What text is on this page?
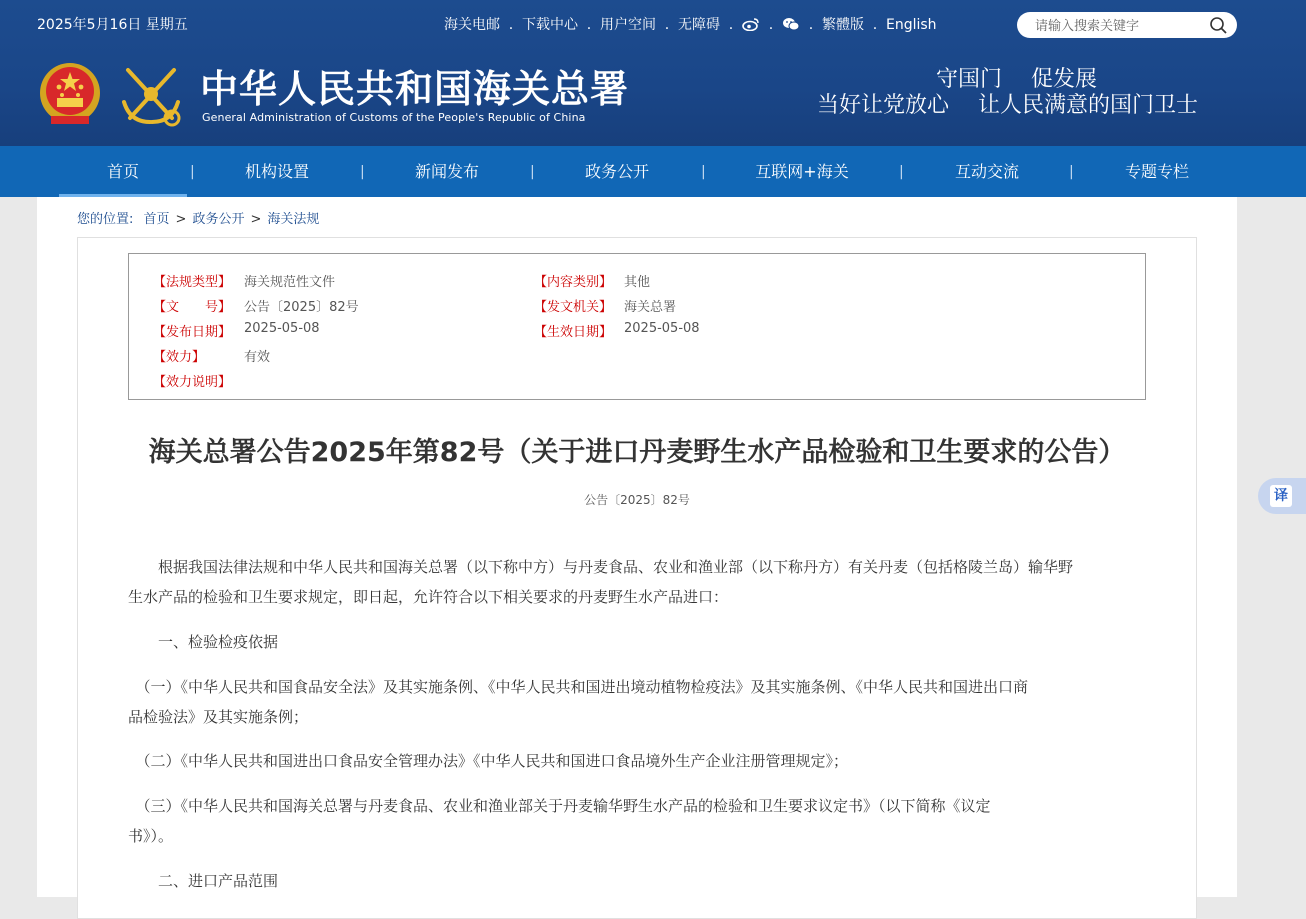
2025年5月16日 星期五	海关电邮 . 下载中心 . 用户空间 . 无障碍 .	.	. 繁體版 . English
请输入搜索关键字
中华人民共和国海关总署
General Administration of Customs of the People's Republic of China
守国门　 促发展
当好让党放心　 让人民满意的国门卫士
首页	|	机构设置	|	新闻发布	|	政务公开	|	互联网+海关	|	互动交流	|	专题专栏
您的位置: 首页 > 政务公开 > 海关法规
【法规类型】 海关规范性文件	【内容类别】 其他
【文　　号】 公告〔2025〕82号	【发文机关】 海关总署
【发布日期】 2025-05-08	【生效日期】 2025-05-08
【效力】	有效
【效力说明】
海关总署公告2025年第82号（关于进口丹麦野生水产品检验和卫生要求的公告）
公告〔2025〕82号
　　根据我国法律法规和中华人民共和国海关总署（以下称中方）与丹麦食品、农业和渔业部（以下称丹方）有关丹麦（包括格陵兰岛）输华野
生水产品的检验和卫生要求规定，即日起，允许符合以下相关要求的丹麦野生水产品进口：
　　一、检验检疫依据
　（一）《中华人民共和国食品安全法》及其实施条例、《中华人民共和国进出境动植物检疫法》及其实施条例、《中华人民共和国进出口商
品检验法》及其实施条例；
　（二）《中华人民共和国进出口食品安全管理办法》《中华人民共和国进口食品境外生产企业注册管理规定》；
　（三）《中华人民共和国海关总署与丹麦食品、农业和渔业部关于丹麦输华野生水产品的检验和卫生要求议定书》（以下简称《议定
书》）。
　　二、进口产品范围
译
